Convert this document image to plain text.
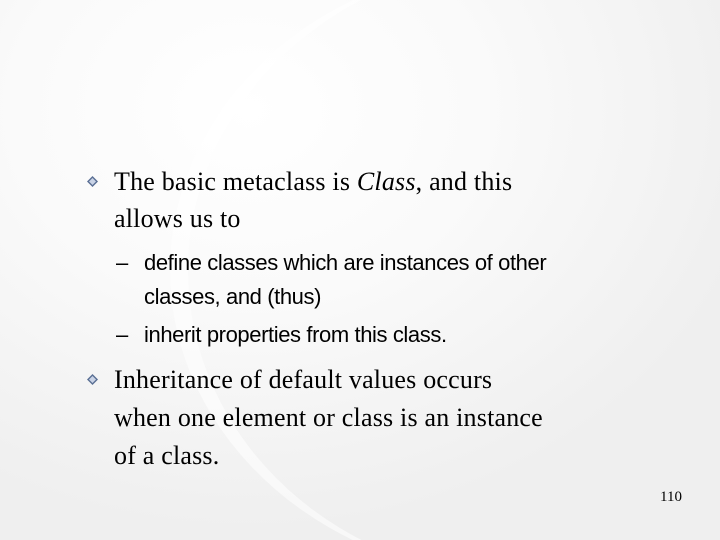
The basic metaclass is Class, and this
allows us to
– define classes which are instances of other
classes, and (thus)
– inherit properties from this class.
Inheritance of default values occurs
when one element or class is an instance
of a class.
110
